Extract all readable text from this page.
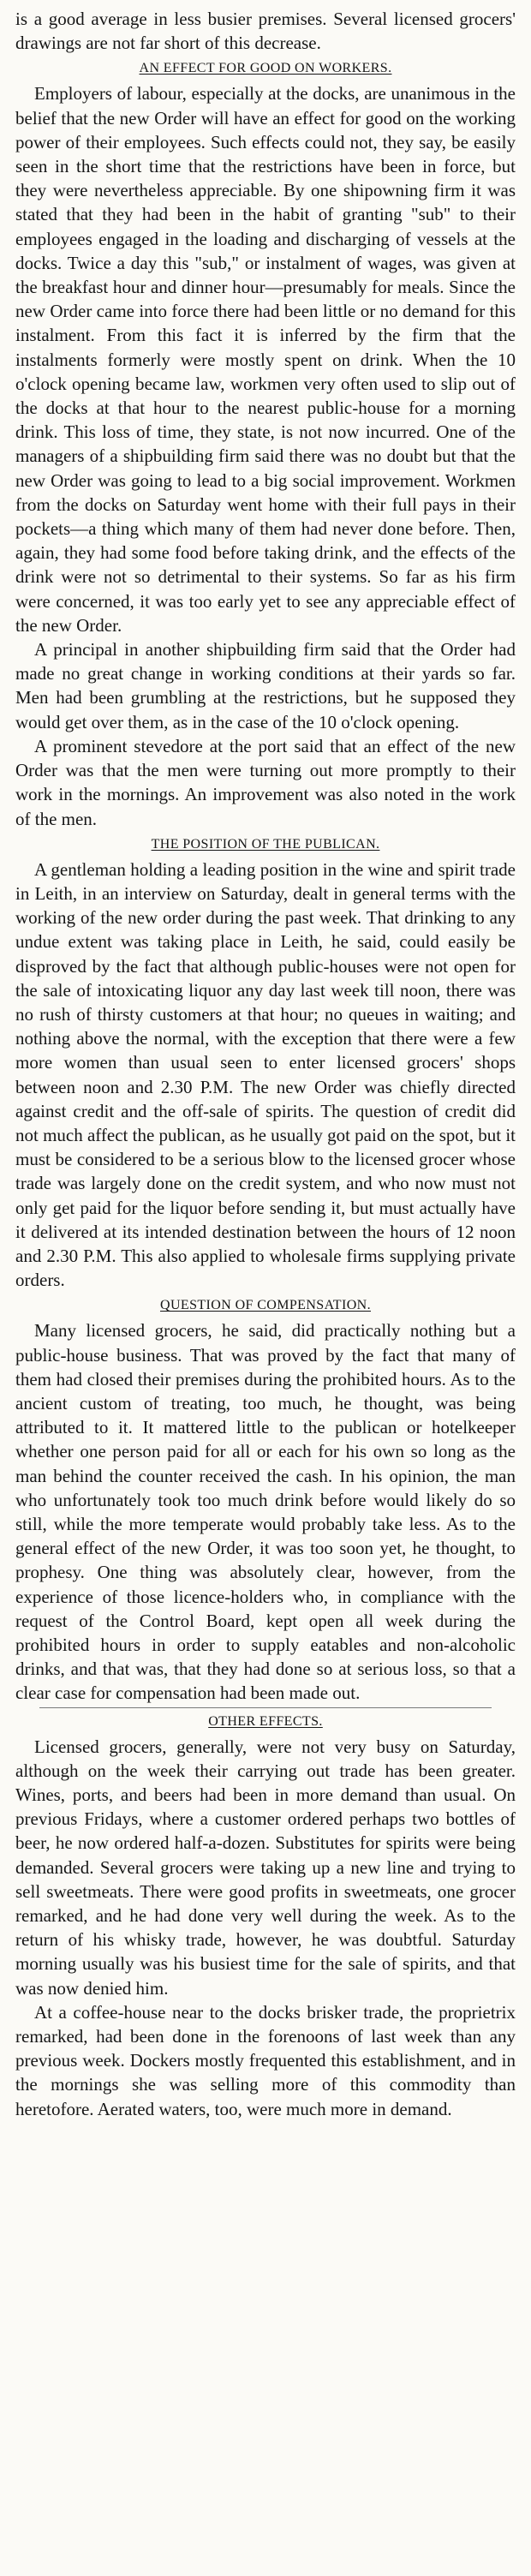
is a good average in less busier premises. Several licensed grocers' drawings are not far short of this decrease.

AN EFFECT FOR GOOD ON WORKERS.

Employers of labour, especially at the docks, are unanimous in the belief that the new Order will have an effect for good on the working power of their employees. Such effects could not, they say, be easily seen in the short time that the restrictions have been in force, but they were nevertheless appreciable. By one shipowning firm it was stated that they had been in the habit of granting "sub" to their employees engaged in the loading and discharging of vessels at the docks. Twice a day this "sub," or instalment of wages, was given at the breakfast hour and dinner hour—presumably for meals. Since the new Order came into force there had been little or no demand for this instalment. From this fact it is inferred by the firm that the instalments formerly were mostly spent on drink. When the 10 o'clock opening became law, workmen very often used to slip out of the docks at that hour to the nearest public-house for a morning drink. This loss of time, they state, is not now incurred. One of the managers of a shipbuilding firm said there was no doubt but that the new Order was going to lead to a big social improvement. Workmen from the docks on Saturday went home with their full pays in their pockets—a thing which many of them had never done before. Then, again, they had some food before taking drink, and the effects of the drink were not so detrimental to their systems. So far as his firm were concerned, it was too early yet to see any appreciable effect of the new Order.

A principal in another shipbuilding firm said that the Order had made no great change in working conditions at their yards so far. Men had been grumbling at the restrictions, but he supposed they would get over them, as in the case of the 10 o'clock opening.

A prominent stevedore at the port said that an effect of the new Order was that the men were turning out more promptly to their work in the mornings. An improvement was also noted in the work of the men.

THE POSITION OF THE PUBLICAN.

A gentleman holding a leading position in the wine and spirit trade in Leith, in an interview on Saturday, dealt in general terms with the working of the new order during the past week. That drinking to any undue extent was taking place in Leith, he said, could easily be disproved by the fact that although public-houses were not open for the sale of intoxicating liquor any day last week till noon, there was no rush of thirsty customers at that hour; no queues in waiting; and nothing above the normal, with the exception that there were a few more women than usual seen to enter licensed grocers' shops between noon and 2.30 P.M. The new Order was chiefly directed against credit and the off-sale of spirits. The question of credit did not much affect the publican, as he usually got paid on the spot, but it must be considered to be a serious blow to the licensed grocer whose trade was largely done on the credit system, and who now must not only get paid for the liquor before sending it, but must actually have it delivered at its intended destination between the hours of 12 noon and 2.30 P.M. This also applied to wholesale firms supplying private orders.

QUESTION OF COMPENSATION.

Many licensed grocers, he said, did practically nothing but a public-house business. That was proved by the fact that many of them had closed their premises during the prohibited hours. As to the ancient custom of treating, too much, he thought, was being attributed to it. It mattered little to the publican or hotelkeeper whether one person paid for all or each for his own so long as the man behind the counter received the cash. In his opinion, the man who unfortunately took too much drink before would likely do so still, while the more temperate would probably take less. As to the general effect of the new Order, it was too soon yet, he thought, to prophesy. One thing was absolutely clear, however, from the experience of those licence-holders who, in compliance with the request of the Control Board, kept open all week during the prohibited hours in order to supply eatables and non-alcoholic drinks, and that was, that they had done so at serious loss, so that a clear case for compensation had been made out.

OTHER EFFECTS.

Licensed grocers, generally, were not very busy on Saturday, although on the week their carrying out trade has been greater. Wines, ports, and beers had been in more demand than usual. On previous Fridays, where a customer ordered perhaps two bottles of beer, he now ordered half-a-dozen. Substitutes for spirits were being demanded. Several grocers were taking up a new line and trying to sell sweetmeats. There were good profits in sweetmeats, one grocer remarked, and he had done very well during the week. As to the return of his whisky trade, however, he was doubtful. Saturday morning usually was his busiest time for the sale of spirits, and that was now denied him.

At a coffee-house near to the docks brisker trade, the proprietrix remarked, had been done in the forenoons of last week than any previous week. Dockers mostly frequented this establishment, and in the mornings she was selling more of this commodity than heretofore. Aerated waters, too, were much more in demand.
